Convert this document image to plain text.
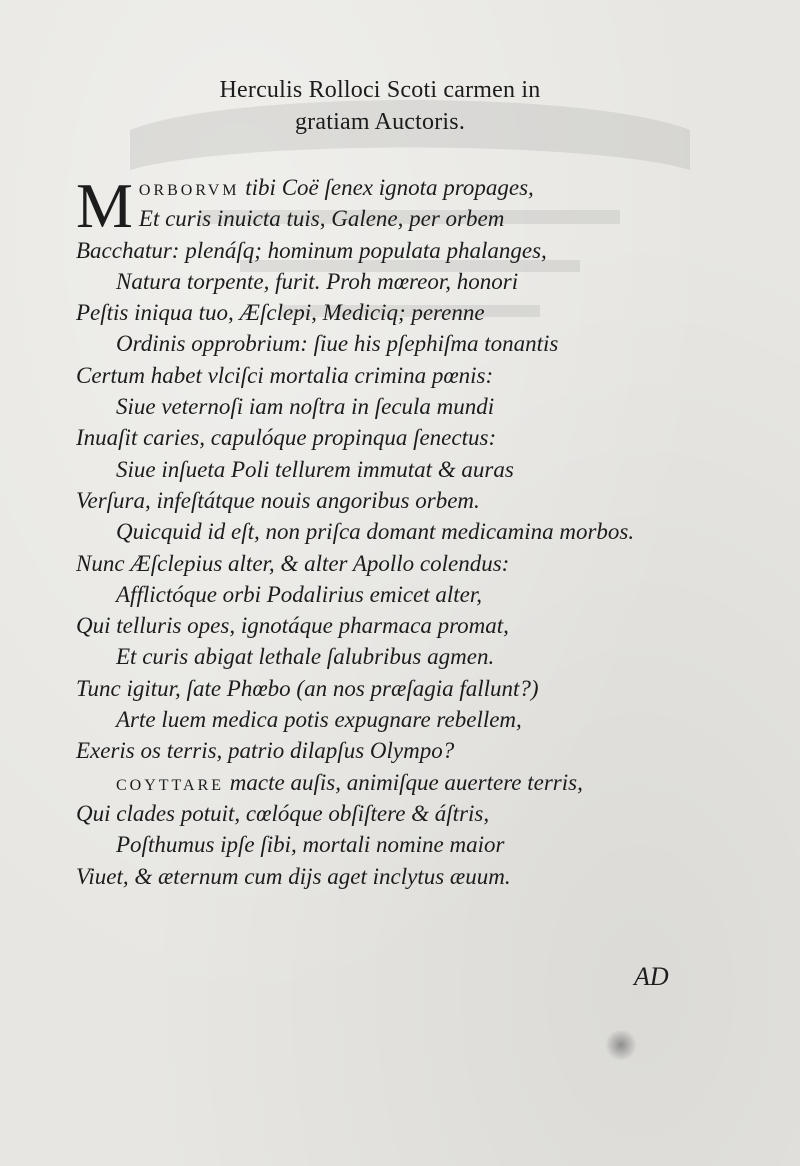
Herculis Rolloci Scoti carmen in
gratiam Auctoris.
MORBORVM tibi Coë ſenex ignota propages,
Et curis inuicta tuis, Galene, per orbem
Bacchatur: plenáſq; hominum populata phalanges,
Natura torpente, furit. Proh mœreor, honori
Peſtis iniqua tuo, Æſclepi, Mediciq; perenne
Ordinis opprobrium: ſiue his pſephiſma tonantis
Certum habet vlciſci mortalia crimina pœnis:
Siue veternoſi iam noſtra in ſecula mundi
Inuaſit caries, capulóque propinqua ſenectus:
Siue inſueta Poli tellurem immutat & auras
Verſura, infeſtátque nouis angoribus orbem.
Quicquid id eſt, non priſca domant medicamina morbos.
Nunc Æſclepius alter, & alter Apollo colendus:
Afflictóque orbi Podalirius emicet alter,
Qui telluris opes, ignotáque pharmaca promat,
Et curis abigat lethale ſalubribus agmen.
Tunc igitur, ſate Phœbo (an nos præſagia fallunt?)
Arte luem medica potis expugnare rebellem,
Exeris os terris, patrio dilapſus Olympo?
COYTTARE macte auſis, animiſque auertere terris,
Qui clades potuit, cœlóque obſiſtere & áſtris,
Poſthumus ipſe ſibi, mortali nomine maior
Viuet, & æternum cum dijs aget inclytus æuum.
AD
